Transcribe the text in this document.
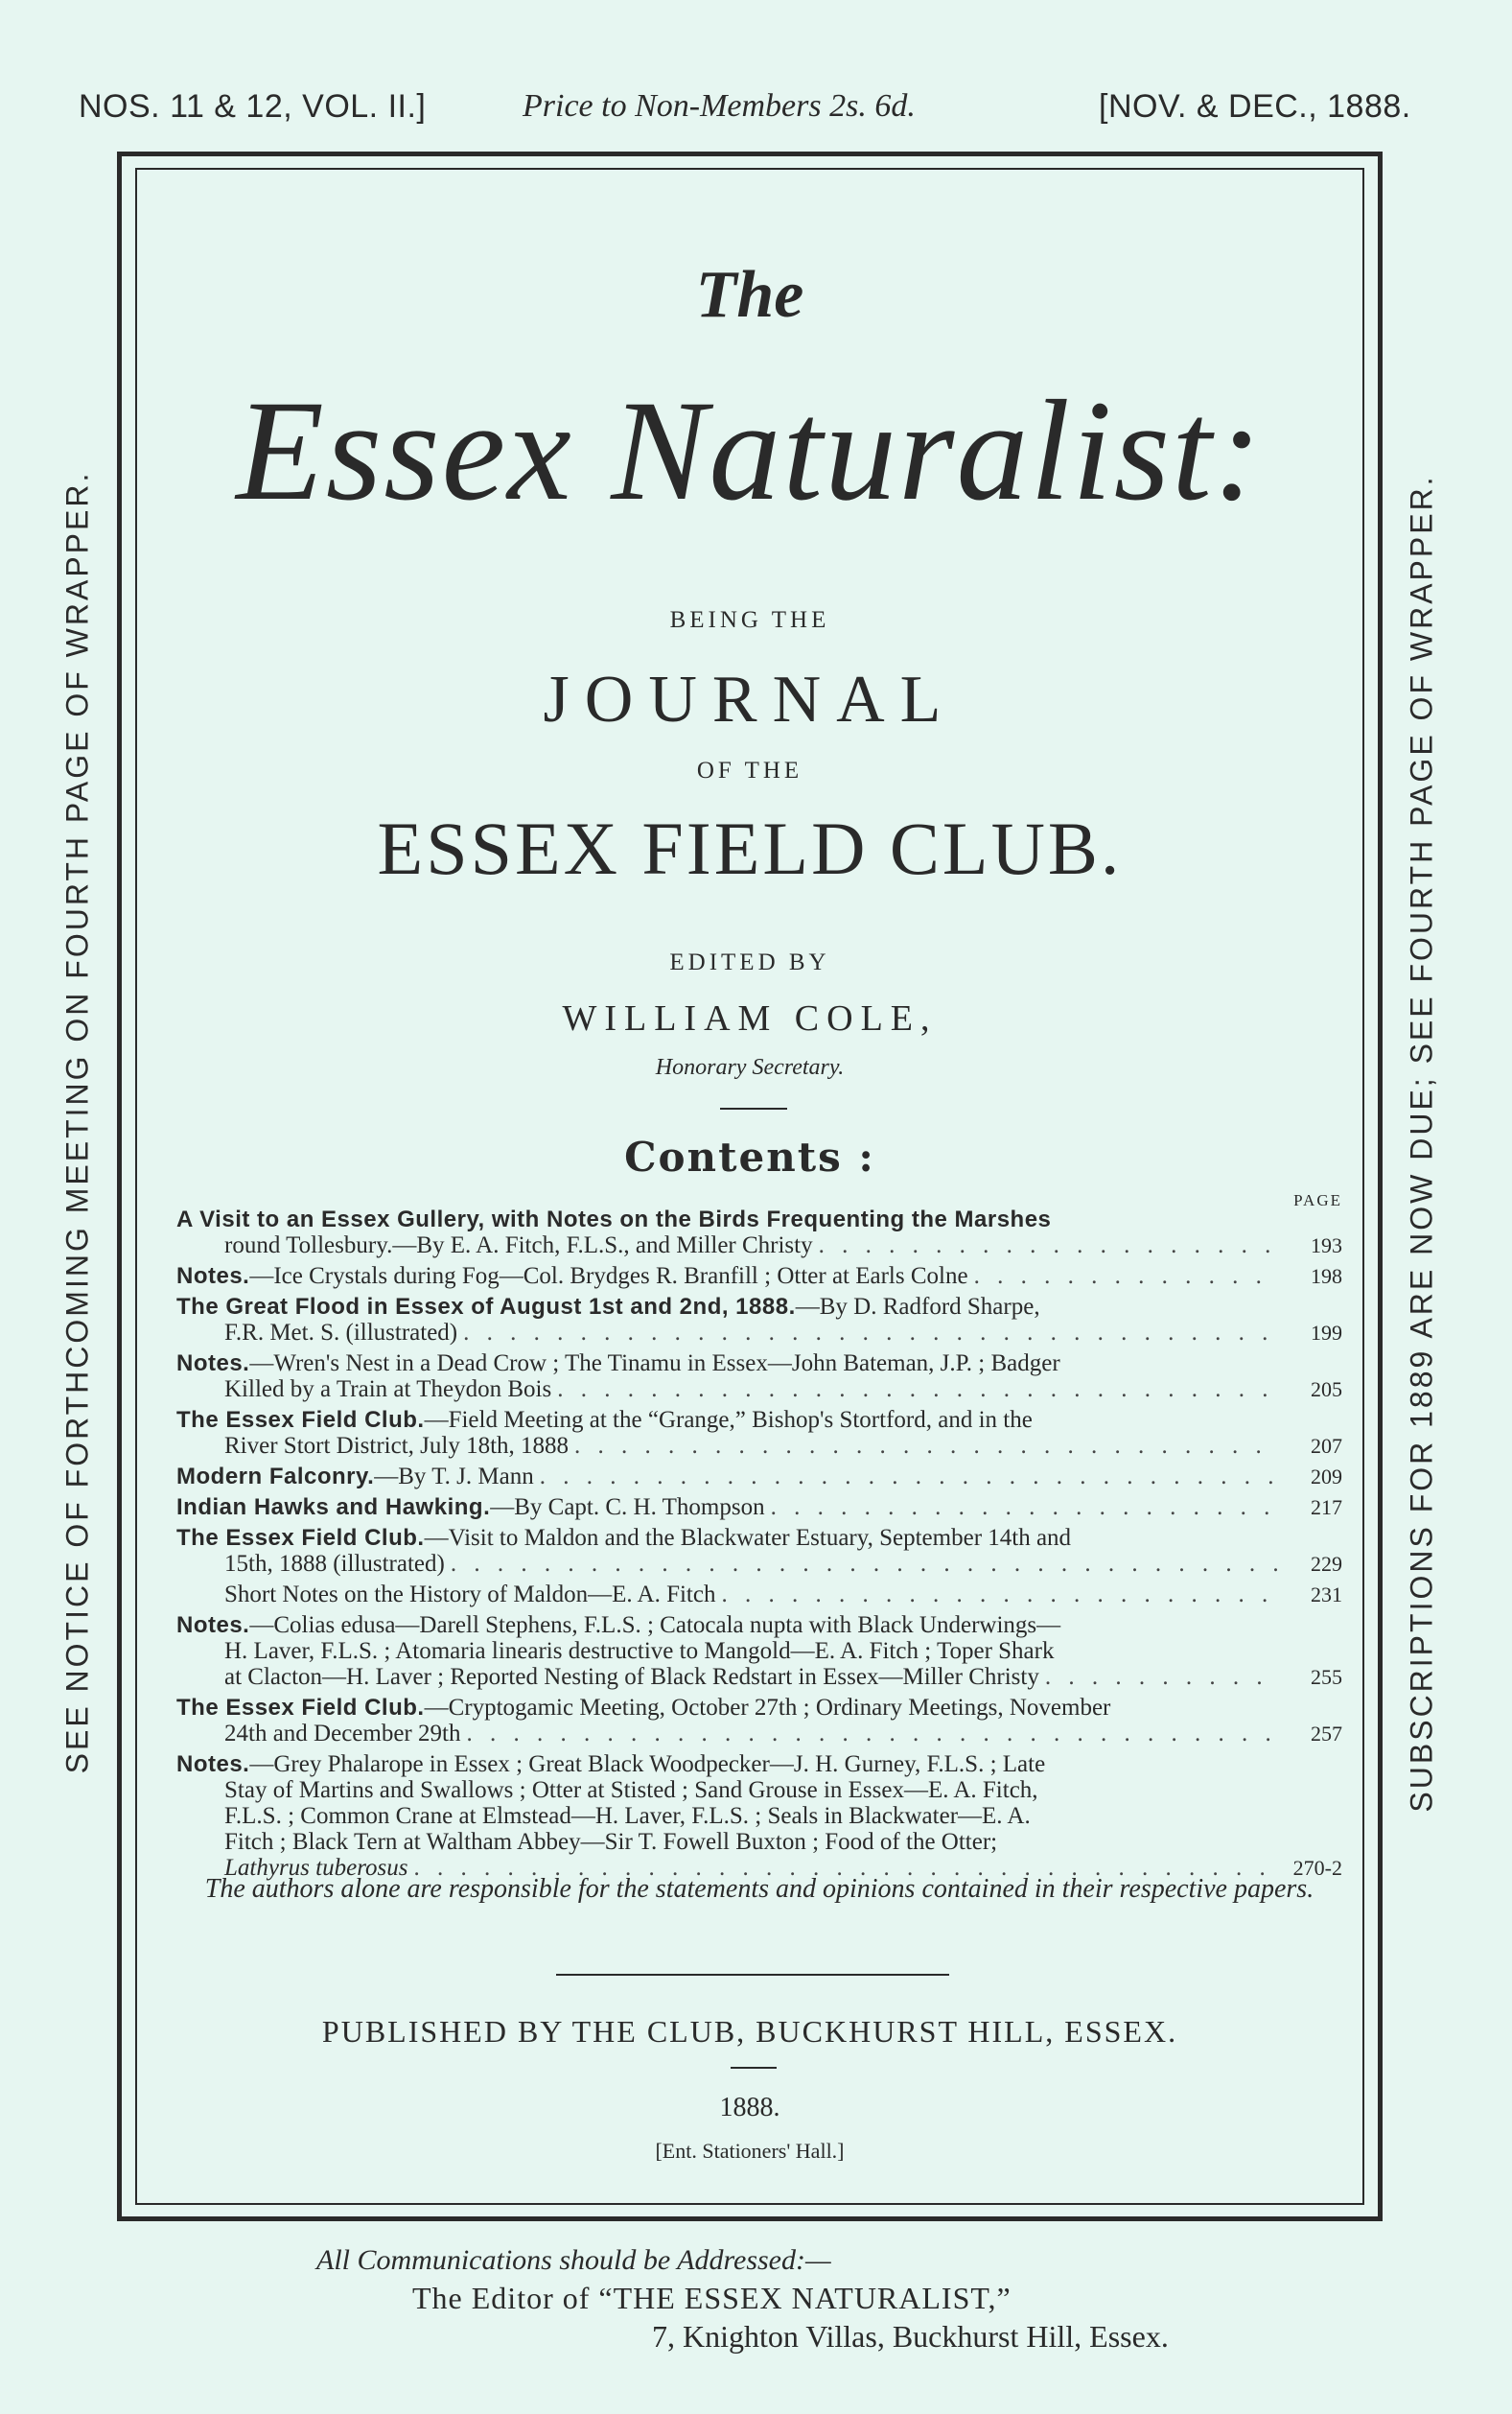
NOS. 11 & 12, VOL. II.]	Price to Non-Members 2s. 6d.	[NOV. & DEC., 1888.
SEE NOTICE OF FORTHCOMING MEETING ON FOURTH PAGE OF WRAPPER.	SUBSCRIPTIONS FOR 1889 ARE NOW DUE; SEE FOURTH PAGE OF WRAPPER.
The
Essex Naturalist:
BEING THE
JOURNAL
OF THE
ESSEX FIELD CLUB.
EDITED BY
WILLIAM COLE,
Honorary Secretary.
Contents :
PAGE
A Visit to an Essex Gullery, with Notes on the Birds Frequenting the Marshes
round Tollesbury.—By E. A. Fitch, F.L.S., and Miller Christy . . .	193
Notes.—Ice Crystals during Fog—Col. Brydges R. Branfill ; Otter at Earls Colne . . .	198
The Great Flood in Essex of August 1st and 2nd, 1888.—By D. Radford Sharpe,
F.R. Met. S. (illustrated) . . .	199
Notes.—Wren's Nest in a Dead Crow ; The Tinamu in Essex—John Bateman, J.P. ; Badger
Killed by a Train at Theydon Bois . . .	205
The Essex Field Club.—Field Meeting at the “Grange,” Bishop's Stortford, and in the
River Stort District, July 18th, 1888 . . .	207
Modern Falconry.—By T. J. Mann . . .	209
Indian Hawks and Hawking.—By Capt. C. H. Thompson . . .	217
The Essex Field Club.—Visit to Maldon and the Blackwater Estuary, September 14th and
15th, 1888 (illustrated) . . .	229
Short Notes on the History of Maldon—E. A. Fitch . . .	231
Notes.—Colias edusa—Darell Stephens, F.L.S. ; Catocala nupta with Black Underwings—
H. Laver, F.L.S. ; Atomaria linearis destructive to Mangold—E. A. Fitch ; Toper Shark
at Clacton—H. Laver ; Reported Nesting of Black Redstart in Essex—Miller Christy . . .	255
The Essex Field Club.—Cryptogamic Meeting, October 27th ; Ordinary Meetings, November
24th and December 29th . . .	257
Notes.—Grey Phalarope in Essex ; Great Black Woodpecker—J. H. Gurney, F.L.S. ; Late
Stay of Martins and Swallows ; Otter at Stisted ; Sand Grouse in Essex—E. A. Fitch,
F.L.S. ; Common Crane at Elmstead—H. Laver, F.L.S. ; Seals in Blackwater—E. A.
Fitch ; Black Tern at Waltham Abbey—Sir T. Fowell Buxton ; Food of the Otter;
Lathyrus tuberosus . . .	270-2
The authors alone are responsible for the statements and opinions contained in their respective papers.
PUBLISHED BY THE CLUB, BUCKHURST HILL, ESSEX.
1888.
[Ent. Stationers' Hall.]
All Communications should be Addressed:—
The Editor of “THE ESSEX NATURALIST,”
7, Knighton Villas, Buckhurst Hill, Essex.
